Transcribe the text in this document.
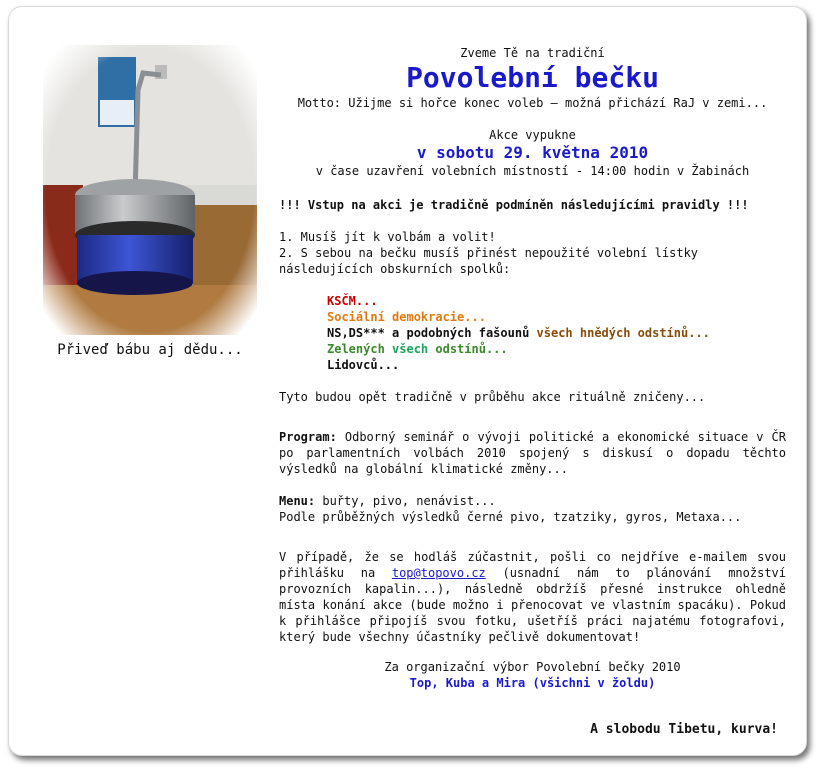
Přiveď bábu aj dědu...

Zveme Tě na tradiční

Povolební bečku

Motto: Užijme si hořce konec voleb – možná přichází RaJ v zemi...

Akce vypukne

v sobotu 29. května 2010

v čase uzavření volebních místností - 14:00 hodin v Žabinách

!!! Vstup na akci je tradičně podmíněn následujícími pravidly !!!

1. Musíš jít k volbám a volit!

2. S sebou na bečku musíš přinést nepoužité volební lístky následujících obskurních spolků:

KSČM...
Sociální demokracie...
NS,DS*** a podobných fašounů všech hnědých odstínů...
Zelených všech odstínů...
Lidovců...

Tyto budou opět tradičně v průběhu akce rituálně zničeny...

Program: Odborný seminář o vývoji politické a ekonomické situace v ČR po parlamentních volbách 2010 spojený s diskusí o dopadu těchto výsledků na globální klimatické změny...

Menu: buřty, pivo, nenávist...
Podle průběžných výsledků černé pivo, tzatziky, gyros, Metaxa...

V případě, že se hodláš zúčastnit, pošli co nejdříve e-mailem svou přihlášku na top@topovo.cz (usnadní nám to plánování množství provozních kapalin...), následně obdržíš přesné instrukce ohledně místa konání akce (bude možno i přenocovat ve vlastním spacáku). Pokud k přihlášce připojíš svou fotku, ušetříš práci najatému fotografovi, který bude všechny účastníky pečlivě dokumentovat!

Za organizační výbor Povolební bečky 2010

Top, Kuba a Mira (všichni v žoldu)

A slobodu Tibetu, kurva!
